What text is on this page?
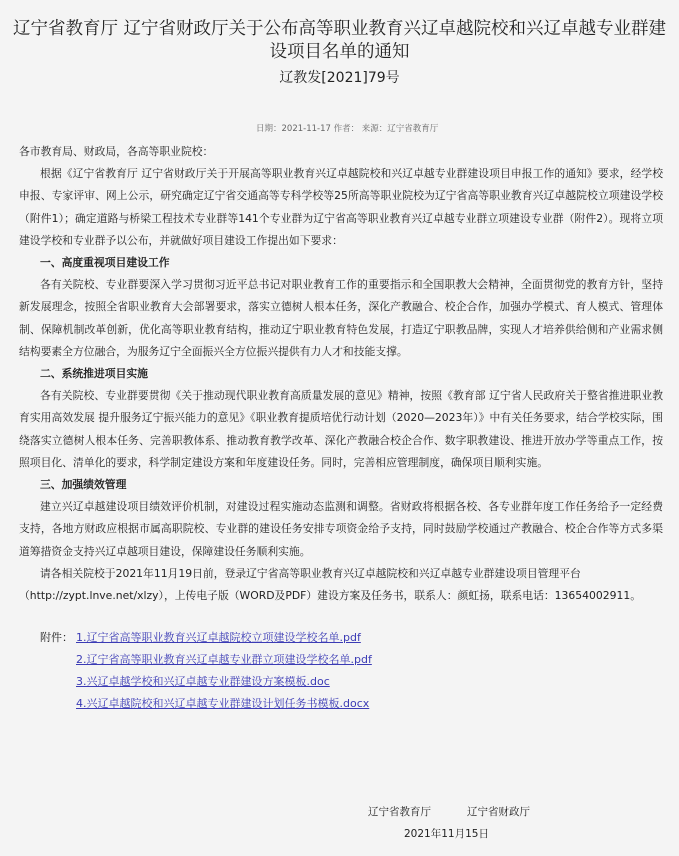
辽宁省教育厅 辽宁省财政厅关于公布高等职业教育兴辽卓越院校和兴辽卓越专业群建设项目名单的通知
辽教发[2021]79号
日期：2021-11-17 作者： 来源：辽宁省教育厅

各市教育局、财政局，各高等职业院校：

根据《辽宁省教育厅 辽宁省财政厅关于开展高等职业教育兴辽卓越院校和兴辽卓越专业群建设项目申报工作的通知》要求，经学校申报、专家评审、网上公示，研究确定辽宁省交通高等专科学校等25所高等职业院校为辽宁省高等职业教育兴辽卓越院校立项建设学校（附件1）；确定道路与桥梁工程技术专业群等141个专业群为辽宁省高等职业教育兴辽卓越专业群立项建设专业群（附件2）。现将立项建设学校和专业群予以公布，并就做好项目建设工作提出如下要求：

一、高度重视项目建设工作

各有关院校、专业群要深入学习贯彻习近平总书记对职业教育工作的重要指示和全国职教大会精神，全面贯彻党的教育方针，坚持新发展理念，按照全省职业教育大会部署要求，落实立德树人根本任务，深化产教融合、校企合作，加强办学模式、育人模式、管理体制、保障机制改革创新，优化高等职业教育结构，推动辽宁职业教育特色发展，打造辽宁职教品牌，实现人才培养供给侧和产业需求侧结构要素全方位融合，为服务辽宁全面振兴全方位振兴提供有力人才和技能支撑。

二、系统推进项目实施

各有关院校、专业群要贯彻《关于推动现代职业教育高质量发展的意见》精神，按照《教育部 辽宁省人民政府关于整省推进职业教育实用高效发展 提升服务辽宁振兴能力的意见》《职业教育提质培优行动计划（2020—2023年）》中有关任务要求，结合学校实际，围绕落实立德树人根本任务、完善职教体系、推动教育教学改革、深化产教融合校企合作、数字职教建设、推进开放办学等重点工作，按照项目化、清单化的要求，科学制定建设方案和年度建设任务。同时，完善相应管理制度，确保项目顺利实施。

三、加强绩效管理

建立兴辽卓越建设项目绩效评价机制，对建设过程实施动态监测和调整。省财政将根据各校、各专业群年度工作任务给予一定经费支持，各地方财政应根据市属高职院校、专业群的建设任务安排专项资金给予支持，同时鼓励学校通过产教融合、校企合作等方式多渠道筹措资金支持兴辽卓越项目建设，保障建设任务顺利实施。

请各相关院校于2021年11月19日前，登录辽宁省高等职业教育兴辽卓越院校和兴辽卓越专业群建设项目管理平台

（http://zypt.lnve.net/xlzy），上传电子版（WORD及PDF）建设方案及任务书，联系人：颜虹扬，联系电话：13654002911。

附件： 1.辽宁省高等职业教育兴辽卓越院校立项建设学校名单.pdf
2.辽宁省高等职业教育兴辽卓越专业群立项建设学校名单.pdf
3.兴辽卓越学校和兴辽卓越专业群建设方案模板.doc
4.兴辽卓越院校和兴辽卓越专业群建设计划任务书模板.docx
辽宁省教育厅	辽宁省财政厅
2021年11月15日
